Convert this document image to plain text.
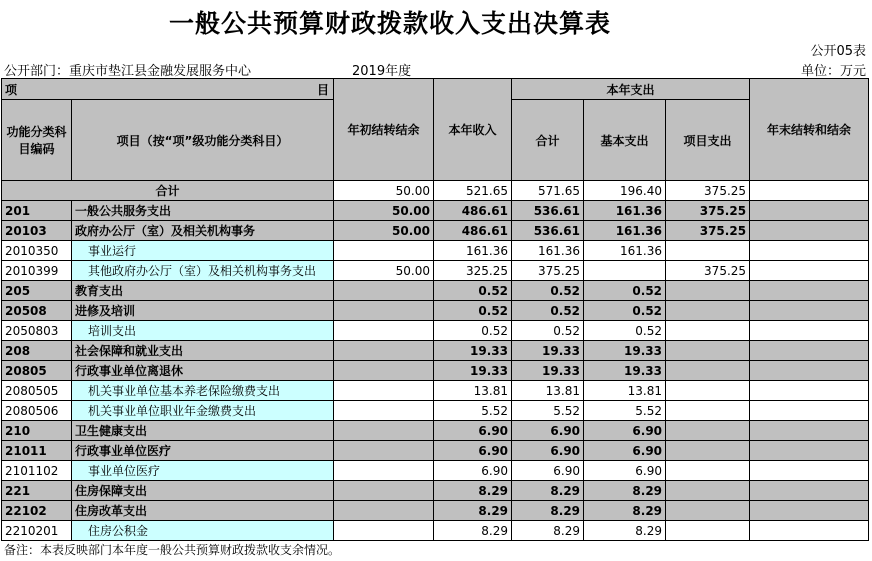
一般公共预算财政拨款收入支出决算表
公开05表
公开部门：重庆市垫江县金融发展服务中心	2019年度	单位：万元
项 目		年初结转结余	本年收入	本年支出			年末结转和结余
功能分类科目编码	项目（按“项”级功能分类科目）			合计	基本支出	项目支出	
合计		50.00	521.65	571.65	196.40	375.25	
201	一般公共服务支出	50.00	486.61	536.61	161.36	375.25	
20103	政府办公厅（室）及相关机构事务	50.00	486.61	536.61	161.36	375.25	
2010350	事业运行		161.36	161.36	161.36		
2010399	其他政府办公厅（室）及相关机构事务支出	50.00	325.25	375.25		375.25	
205	教育支出		0.52	0.52	0.52		
20508	进修及培训		0.52	0.52	0.52		
2050803	培训支出		0.52	0.52	0.52		
208	社会保障和就业支出		19.33	19.33	19.33		
20805	行政事业单位离退休		19.33	19.33	19.33		
2080505	机关事业单位基本养老保险缴费支出		13.81	13.81	13.81		
2080506	机关事业单位职业年金缴费支出		5.52	5.52	5.52		
210	卫生健康支出		6.90	6.90	6.90		
21011	行政事业单位医疗		6.90	6.90	6.90		
2101102	事业单位医疗		6.90	6.90	6.90		
221	住房保障支出		8.29	8.29	8.29		
22102	住房改革支出		8.29	8.29	8.29		
2210201	住房公积金		8.29	8.29	8.29		
备注：本表反映部门本年度一般公共预算财政拨款收支余情况。
